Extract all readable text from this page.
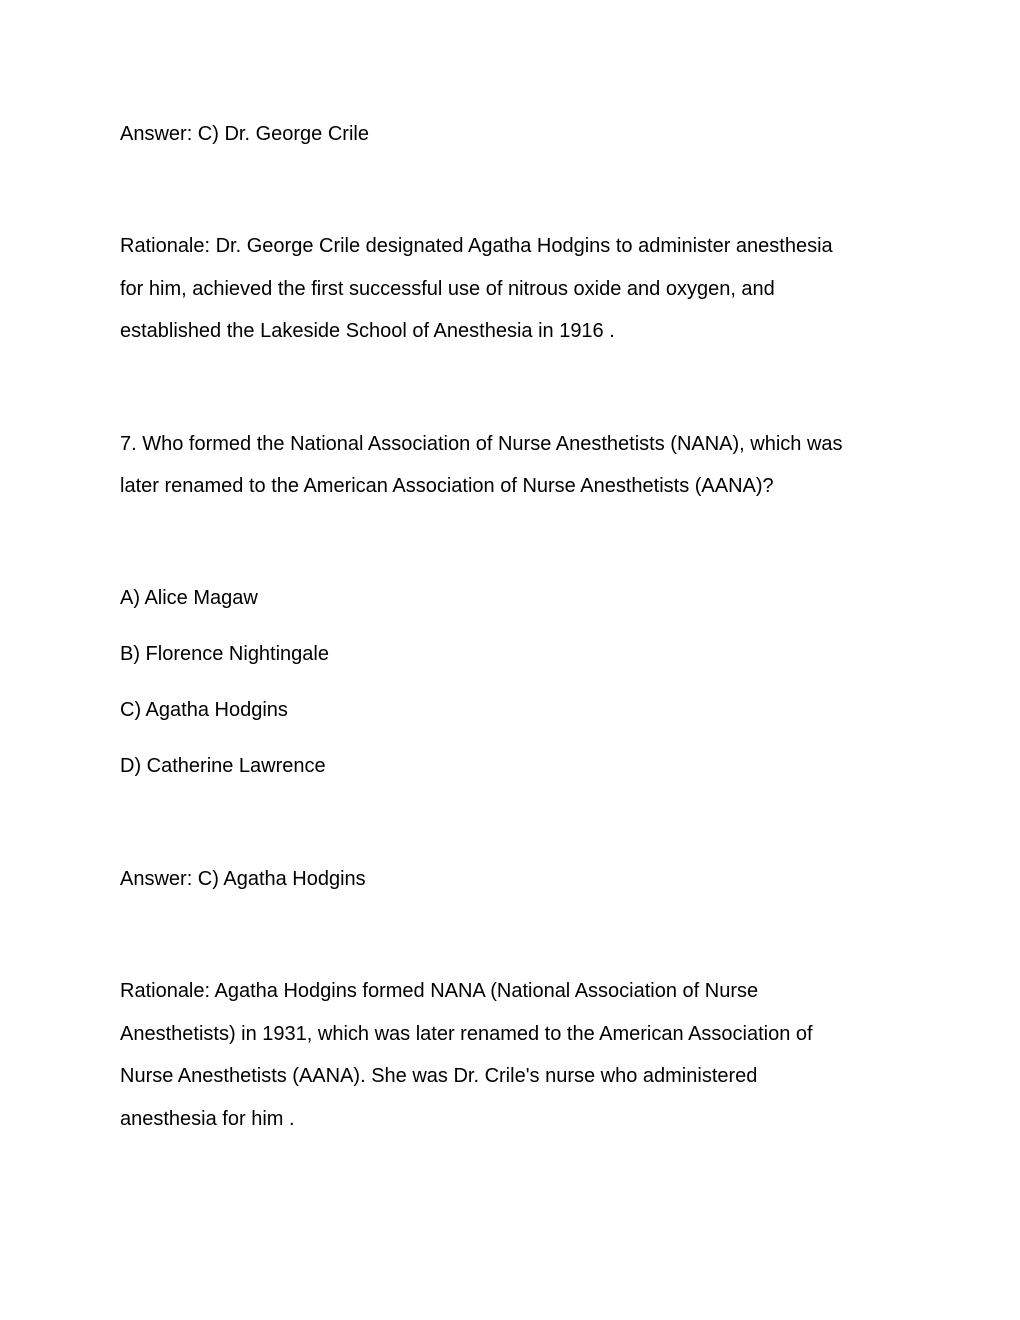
Answer: C) Dr. George Crile

Rationale: Dr. George Crile designated Agatha Hodgins to administer anesthesia

for him, achieved the first successful use of nitrous oxide and oxygen, and

established the Lakeside School of Anesthesia in 1916 .

7. Who formed the National Association of Nurse Anesthetists (NANA), which was

later renamed to the American Association of Nurse Anesthetists (AANA)?

A) Alice Magaw

B) Florence Nightingale

C) Agatha Hodgins

D) Catherine Lawrence

Answer: C) Agatha Hodgins

Rationale: Agatha Hodgins formed NANA (National Association of Nurse

Anesthetists) in 1931, which was later renamed to the American Association of

Nurse Anesthetists (AANA). She was Dr. Crile's nurse who administered

anesthesia for him .
